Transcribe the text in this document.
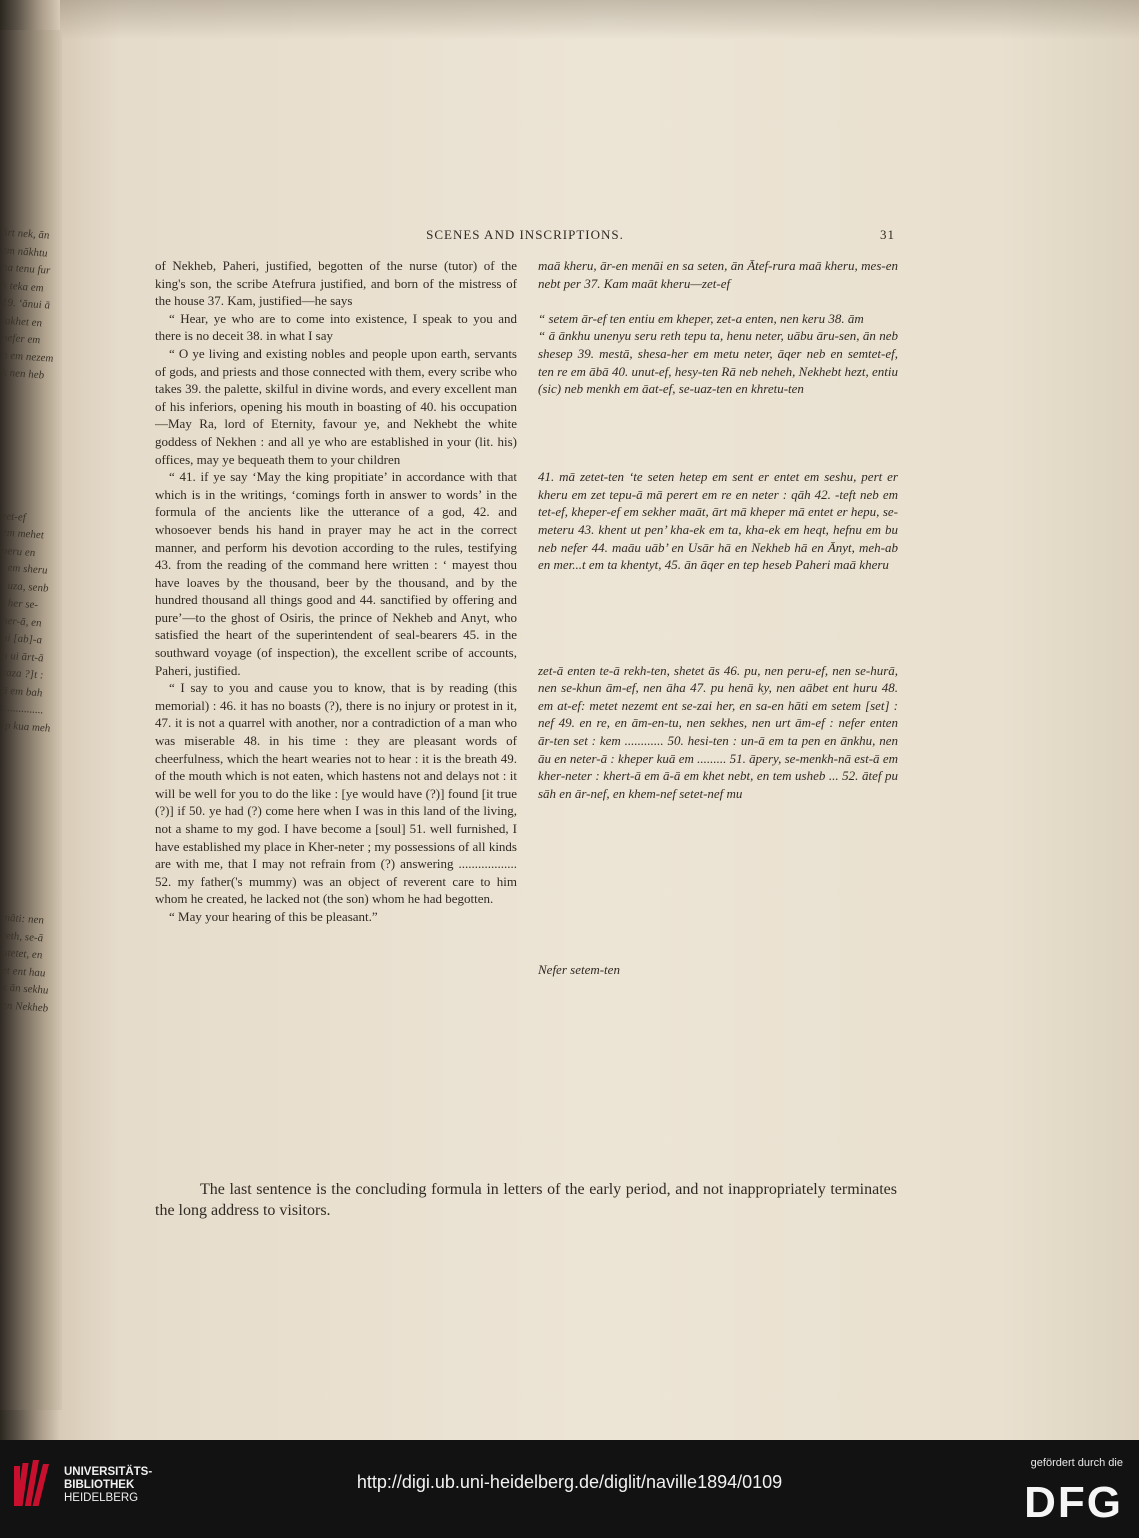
ārt nek, ān
em nākhtu
ha tenu fur
k teka em
19. ‘ānui ā
iakhet en
nefer em
h em nezem
k nen heb
zet-ef
em mehet
peru en
. em sheru
, uza, senb
t her se-
her-ā, en
ui [ab]-a
n ui ārt-ā
zaza ?]t :
ā em bah
...............
ip kua meh
māti: nen
reth, se-ā
utetet, en
et ent hau
k ān sekhu
en Nekheb
SCENES AND INSCRIPTIONS.	31

of Nekheb, Paheri, justified, begotten of the nurse (tutor) of the king's son, the scribe Atefrura justified, and born of the mistress of the house 37. Kam, justified—he says

“ Hear, ye who are to come into existence, I speak to you and there is no deceit 38. in what I say

“ O ye living and existing nobles and people upon earth, servants of gods, and priests and those connected with them, every scribe who takes 39. the palette, skilful in divine words, and every excellent man of his inferiors, opening his mouth in boasting of 40. his occupation—May Ra, lord of Eternity, favour ye, and Nekhebt the white goddess of Nekhen : and all ye who are established in your (lit. his) offices, may ye bequeath them to your children

“ 41. if ye say ‘May the king propitiate’ in accordance with that which is in the writings, ‘comings forth in answer to words’ in the formula of the ancients like the utterance of a god, 42. and whosoever bends his hand in prayer may he act in the correct manner, and perform his devotion according to the rules, testifying 43. from the reading of the command here written : ‘ mayest thou have loaves by the thousand, beer by the thousand, and by the hundred thousand all things good and 44. sanctified by offering and pure’—to the ghost of Osiris, the prince of Nekheb and Anyt, who satisfied the heart of the superintendent of seal-bearers 45. in the southward voyage (of inspection), the excellent scribe of accounts, Paheri, justified.

“ I say to you and cause you to know, that is by reading (this memorial) : 46. it has no boasts (?), there is no injury or protest in it, 47. it is not a quarrel with another, nor a contradiction of a man who was miserable 48. in his time : they are pleasant words of cheerfulness, which the heart wearies not to hear : it is the breath 49. of the mouth which is not eaten, which hastens not and delays not : it will be well for you to do the like : [ye would have (?)] found [it true (?)] if 50. ye had (?) come here when I was in this land of the living, not a shame to my god. I have become a [soul] 51. well furnished, I have established my place in Kher-neter ; my possessions of all kinds are with me, that I may not refrain from (?) answering .................. 52. my father('s mummy) was an object of reverent care to him whom he created, he lacked not (the son) whom he had begotten.

“ May your hearing of this be pleasant.”

maā kheru, ār-en menāi en sa seten, ān Ātef-rura maā kheru, mes-en nebt per 37. Kam maāt kheru—zet-ef

“ setem ār-ef ten entiu em kheper, zet-a enten, nen keru 38. ām

“ ā ānkhu unenyu seru reth tepu ta, henu neter, uābu āru-sen, ān neb shesep 39. mestā, shesa-her em metu neter, āqer neb en semtet-ef, ten re em ābā 40. unut-ef, hesy-ten Rā neb neheh, Nekhebt hezt, entiu (sic) neb menkh em āat-ef, se-uaz-ten en khretu-ten

41. mā zetet-ten ‘te seten hetep em sent er entet em seshu, pert er kheru em zet tepu-ā mā perert em re en neter : qāh 42. -teft neb em tet-ef, kheper-ef em sekher maāt, ārt mā kheper mā entet er hepu, se-meteru 43. khent ut pen’ kha-ek em ta, kha-ek em heqt, hefnu em bu neb nefer 44. maāu uāb’ en Usār hā en Nekheb hā en Ānyt, meh-ab en mer...t em ta khentyt, 45. ān āqer en tep heseb Paheri maā kheru

zet-ā enten te-ā rekh-ten, shetet ās 46. pu, nen peru-ef, nen se-hurā, nen se-khun ām-ef, nen āha 47. pu henā ky, nen aābet ent huru 48. em at-ef: metet nezemt ent se-zai her, en sa-en hāti em setem [set] : nef 49. en re, en ām-en-tu, nen sekhes, nen urt ām-ef : nefer enten ār-ten set : kem ............ 50. hesi-ten : un-ā em ta pen en ānkhu, nen āu en neter-ā : kheper kuā em ......... 51. āpery, se-menkh-nā est-ā em kher-neter : khert-ā em ā-ā em khet nebt, en tem usheb ... 52. ātef pu sāh en ār-nef, en khem-nef setet-nef mu

Nefer setem-ten

The last sentence is the concluding formula in letters of the early period, and not inappropriately terminates the long address to visitors.
UNIVERSITÄTS-
BIBLIOTHEK
HEIDELBERG
http://digi.ub.uni-heidelberg.de/diglit/naville1894/0109
gefördert durch die
DFG
